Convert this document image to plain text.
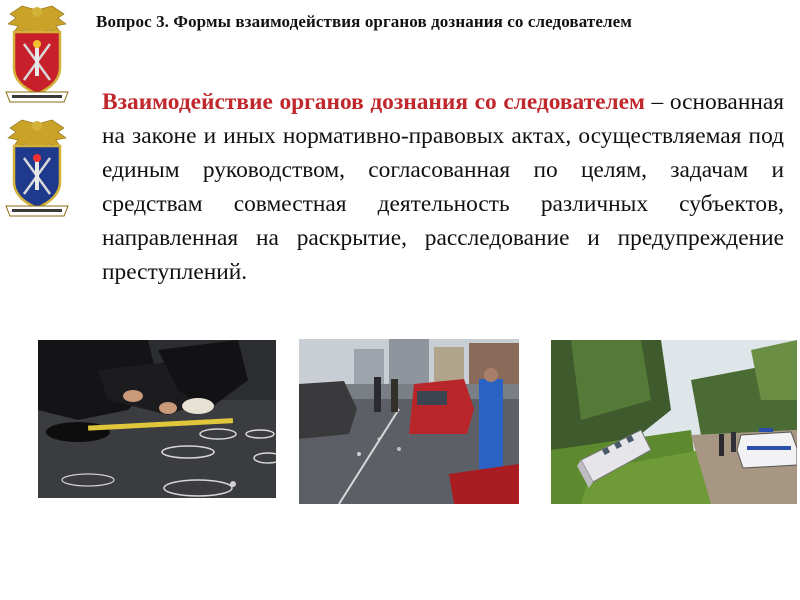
Вопрос 3. Формы взаимодействия органов дознания со следователем

Взаимодействие органов дознания со следователем – основанная на законе и иных нормативно-правовых актах, осуществляемая под единым руководством, согласованная по целям, задачам и средствам совместная деятельность различных субъектов, направленная на раскрытие, расследование и предупреждение преступлений.
